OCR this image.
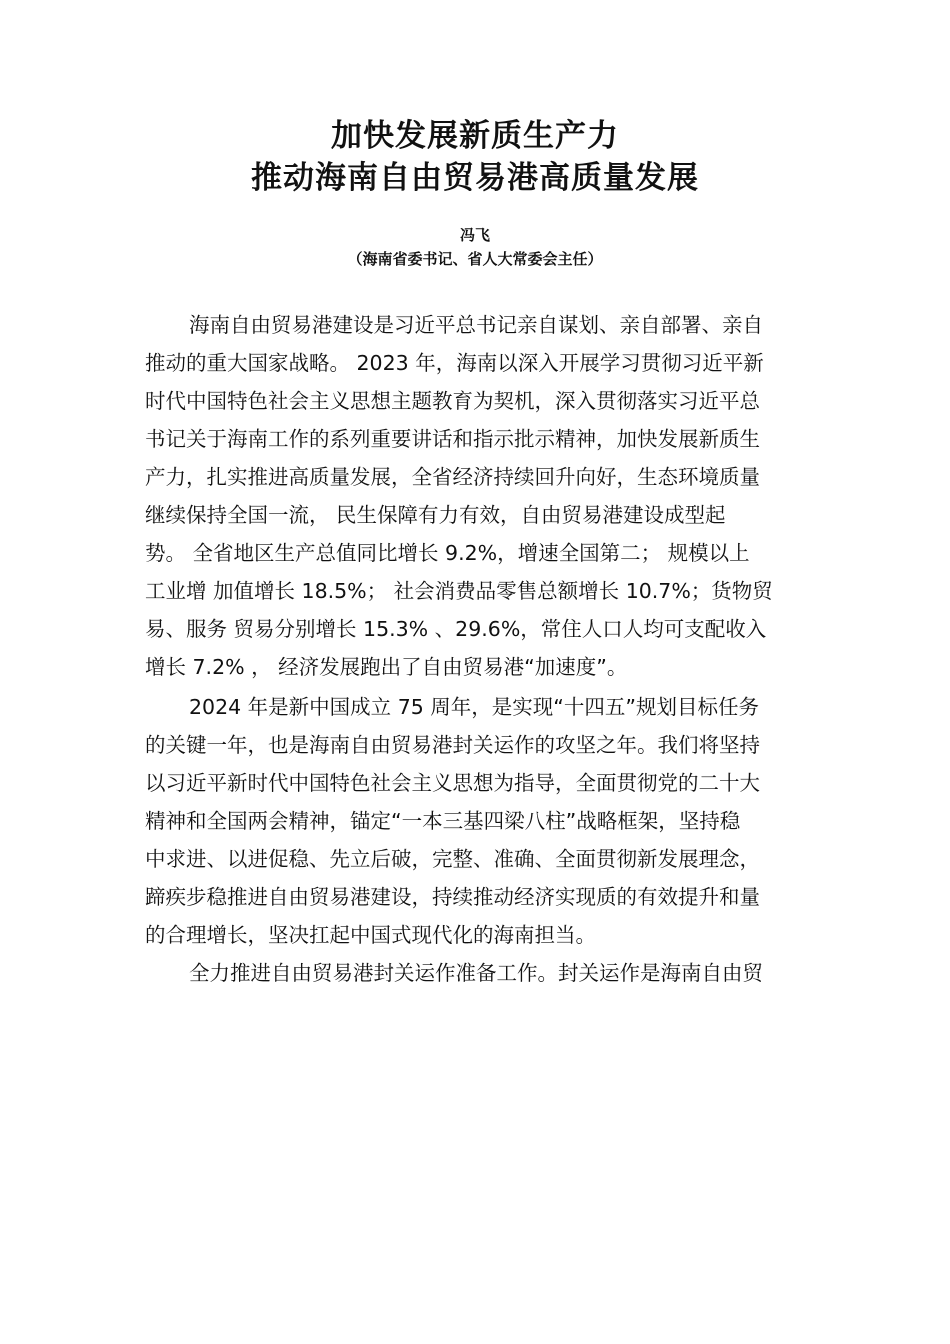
加快发展新质生产力
推动海南自由贸易港高质量发展
冯飞
（海南省委书记、省人大常委会主任）
海南自由贸易港建设是习近平总书记亲自谋划、亲自部署、亲自
推动的重大国家战略。 2023 年，海南以深入开展学习贯彻习近平新
时代中国特色社会主义思想主题教育为契机，深入贯彻落实习近平总
书记关于海南工作的系列重要讲话和指示批示精神，加快发展新质生
产力，扎实推进高质量发展，全省经济持续回升向好，生态环境质量
继续保持全国一流， 民生保障有力有效，自由贸易港建设成型起
势。 全省地区生产总值同比增长 9.2%，增速全国第二； 规模以上
工业增 加值增长 18.5%； 社会消费品零售总额增长 10.7%；货物贸
易、服务 贸易分别增长 15.3% 、29.6%，常住人口人均可支配收入
增长 7.2% ， 经济发展跑出了自由贸易港“加速度”。
2024 年是新中国成立 75 周年，是实现“十四五”规划目标任务
的关键一年，也是海南自由贸易港封关运作的攻坚之年。我们将坚持
以习近平新时代中国特色社会主义思想为指导，全面贯彻党的二十大
精神和全国两会精神，锚定“一本三基四梁八柱”战略框架，坚持稳
中求进、以进促稳、先立后破，完整、准确、全面贯彻新发展理念，
蹄疾步稳推进自由贸易港建设，持续推动经济实现质的有效提升和量
的合理增长，坚决扛起中国式现代化的海南担当。
全力推进自由贸易港封关运作准备工作。封关运作是海南自由贸
